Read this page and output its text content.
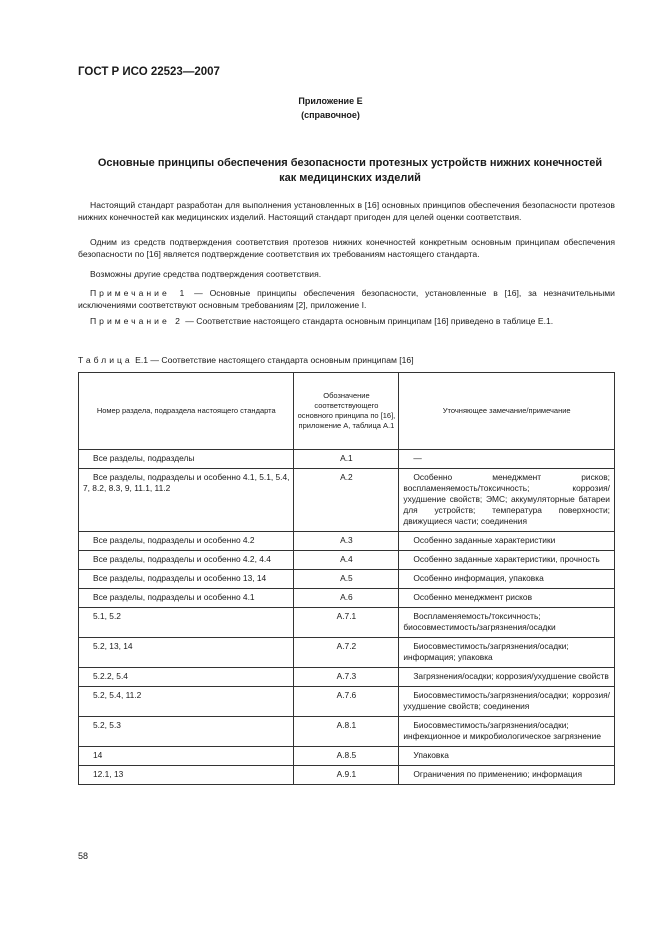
ГОСТ Р ИСО 22523—2007
Приложение Е
(справочное)
Основные принципы обеспечения безопасности протезных устройств нижних конечностей
как медицинских изделий
Настоящий стандарт разработан для выполнения установленных в [16] основных принципов обеспечения безопасности протезов нижних конечностей как медицинских изделий. Настоящий стандарт пригоден для целей оценки соответствия.
Одним из средств подтверждения соответствия протезов нижних конечностей конкретным основным принципам обеспечения безопасности по [16] является подтверждение соответствия их требованиям настоящего стандарта.
Возможны другие средства подтверждения соответствия.
Примечание 1 — Основные принципы обеспечения безопасности, установленные в [16], за незначительными исключениями соответствуют основным требованиям [2], приложение I.
Примечание 2 — Соответствие настоящего стандарта основным принципам [16] приведено в таблице Е.1.
Таблица Е.1 — Соответствие настоящего стандарта основным принципам [16]
Номер раздела, подраздела настоящего стандарта	Обозначение соответствующего основного принципа по [16], приложение А, таблица А.1	Уточняющее замечание/примечание
Все разделы, подразделы	А.1	—
Все разделы, подразделы и особенно 4.1, 5.1, 5.4, 7, 8.2, 8.3, 9, 11.1, 11.2	А.2	Особенно менеджмент рисков; воспламеняемость/токсичность; коррозия/ухудшение свойств; ЭМС; аккумуляторные батареи для устройств; температура поверхности; движущиеся части; соединения
Все разделы, подразделы и особенно 4.2	А.3	Особенно заданные характеристики
Все разделы, подразделы и особенно 4.2, 4.4	А.4	Особенно заданные характеристики, прочность
Все разделы, подразделы и особенно 13, 14	А.5	Особенно информация, упаковка
Все разделы, подразделы и особенно 4.1	А.6	Особенно менеджмент рисков
5.1, 5.2	А.7.1	Воспламеняемость/токсичность; биосовместимость/загрязнения/осадки
5.2, 13, 14	А.7.2	Биосовместимость/загрязнения/осадки; информация; упаковка
5.2.2, 5.4	А.7.3	Загрязнения/осадки; коррозия/ухудшение свойств
5.2, 5.4, 11.2	А.7.6	Биосовместимость/загрязнения/осадки; коррозия/ухудшение свойств; соединения
5.2, 5.3	А.8.1	Биосовместимость/загрязнения/осадки; инфекционное и микробиологическое загрязнение
14	А.8.5	Упаковка
12.1, 13	А.9.1	Ограничения по применению; информация
58
